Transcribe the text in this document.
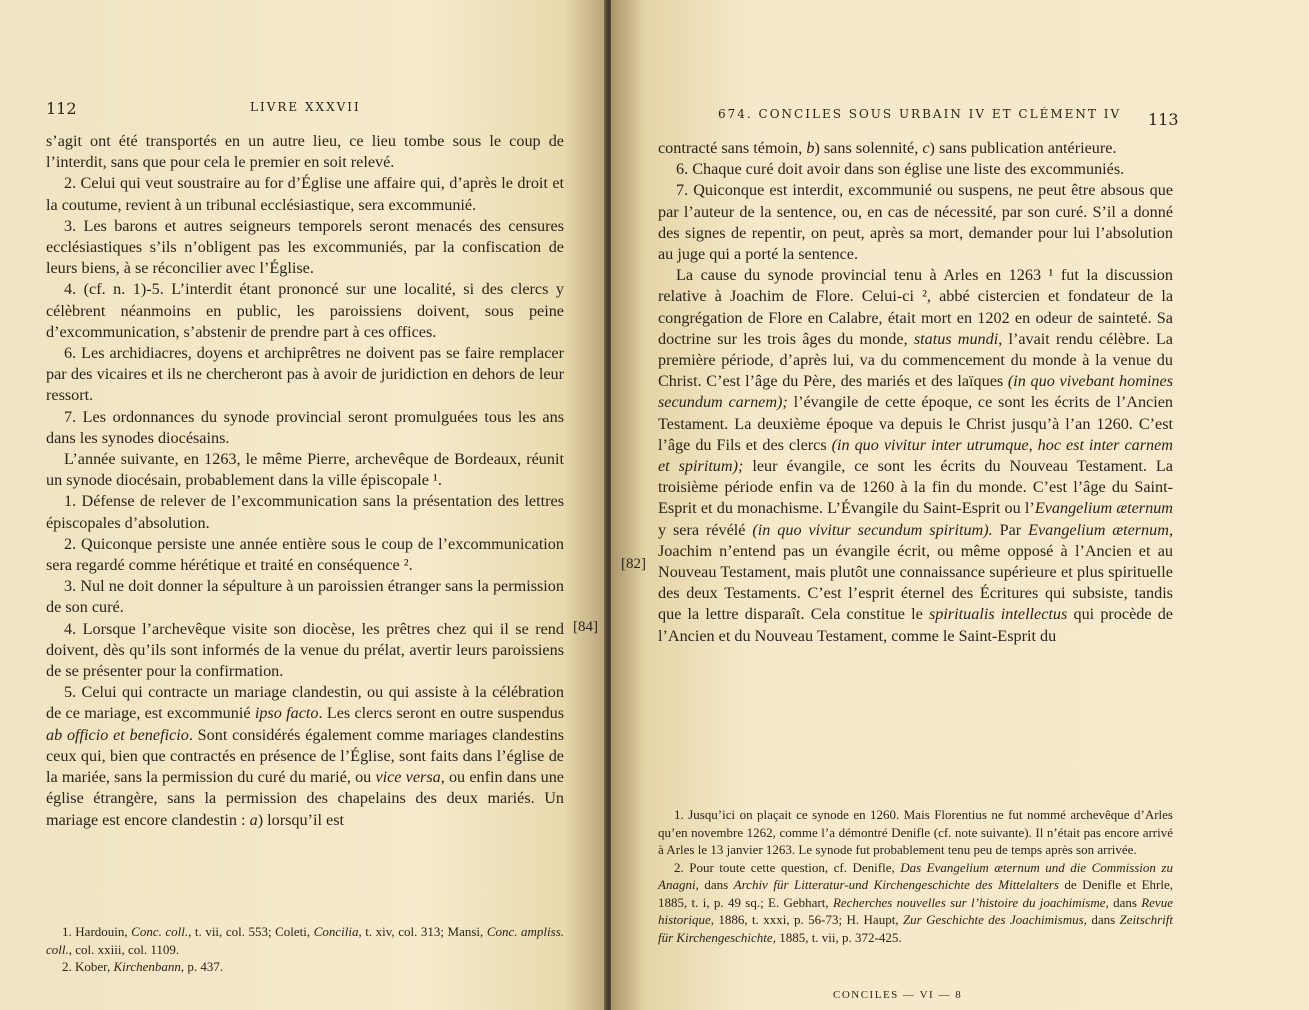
112	LIVRE XXXVII

s’agit ont été transportés en un autre lieu, ce lieu tombe sous le coup de l’interdit, sans que pour cela le premier en soit relevé.

2. Celui qui veut soustraire au for d’Église une affaire qui, d’après le droit et la coutume, revient à un tribunal ecclésiastique, sera excommunié.

3. Les barons et autres seigneurs temporels seront menacés des censures ecclésiastiques s’ils n’obligent pas les excommuniés, par la confiscation de leurs biens, à se réconcilier avec l’Église.

4. (cf. n. 1)-5. L’interdit étant prononcé sur une localité, si des clercs y célèbrent néanmoins en public, les paroissiens doivent, sous peine d’excommunication, s’abstenir de prendre part à ces offices.

6. Les archidiacres, doyens et archiprêtres ne doivent pas se faire remplacer par des vicaires et ils ne chercheront pas à avoir de juridiction en dehors de leur ressort.

7. Les ordonnances du synode provincial seront promulguées tous les ans dans les synodes diocésains.

L’année suivante, en 1263, le même Pierre, archevêque de Bordeaux, réunit un synode diocésain, probablement dans la ville épiscopale ¹.

1. Défense de relever de l’excommunication sans la présentation des lettres épiscopales d’absolution.

2. Quiconque persiste une année entière sous le coup de l’excommunication sera regardé comme hérétique et traité en conséquence ².

3. Nul ne doit donner la sépulture à un paroissien étranger sans la permission de son curé.

4. Lorsque l’archevêque visite son diocèse, les prêtres chez qui il se rend doivent, dès qu’ils sont informés de la venue du prélat, avertir leurs paroissiens de se présenter pour la confirmation.

5. Celui qui contracte un mariage clandestin, ou qui assiste à la célébration de ce mariage, est excommunié ipso facto. Les clercs seront en outre suspendus ab officio et beneficio. Sont considérés également comme mariages clandestins ceux qui, bien que contractés en présence de l’Église, sont faits dans l’église de la mariée, sans la permission du curé du marié, ou vice versa, ou enfin dans une église étrangère, sans la permission des chapelains des deux mariés. Un mariage est encore clandestin : a) lorsqu’il est

1. Hardouin, Conc. coll., t. vii, col. 553; Coleti, Concilia, t. xiv, col. 313; Mansi, Conc. ampliss. coll., col. xxiii, col. 1109.

2. Kober, Kirchenbann, p. 437.

[84]
674. CONCILES SOUS URBAIN IV ET CLÉMENT IV 113

contracté sans témoin, b) sans solennité, c) sans publication antérieure.

6. Chaque curé doit avoir dans son église une liste des excommuniés.

7. Quiconque est interdit, excommunié ou suspens, ne peut être absous que par l’auteur de la sentence, ou, en cas de nécessité, par son curé. S’il a donné des signes de repentir, on peut, après sa mort, demander pour lui l’absolution au juge qui a porté la sentence.

La cause du synode provincial tenu à Arles en 1263 ¹ fut la discussion relative à Joachim de Flore. Celui-ci ², abbé cistercien et fondateur de la congrégation de Flore en Calabre, était mort en 1202 en odeur de sainteté. Sa doctrine sur les trois âges du monde, status mundi, l’avait rendu célèbre. La première période, d’après lui, va du commencement du monde à la venue du Christ. C’est l’âge du Père, des mariés et des laïques (in quo vivebant homines secundum carnem); l’évangile de cette époque, ce sont les écrits de l’Ancien Testament. La deuxième époque va depuis le Christ jusqu’à l’an 1260. C’est l’âge du Fils et des clercs (in quo vivitur inter utrumque, hoc est inter carnem et spiritum); leur évangile, ce sont les écrits du Nouveau Testament. La troisième période enfin va de 1260 à la fin du monde. C’est l’âge du Saint-Esprit et du monachisme. L’Évangile du Saint-Esprit ou l’Evangelium æternum y sera révélé (in quo vivitur secundum spiritum). Par Evangelium æternum, Joachim n’entend pas un évangile écrit, ou même opposé à l’Ancien et au Nouveau Testament, mais plutôt une connaissance supérieure et plus spirituelle des deux Testaments. C’est l’esprit éternel des Écritures qui subsiste, tandis que la lettre disparaît. Cela constitue le spiritualis intellectus qui procède de l’Ancien et du Nouveau Testament, comme le Saint-Esprit du

1. Jusqu’ici on plaçait ce synode en 1260. Mais Florentius ne fut nommé archevêque d’Arles qu’en novembre 1262, comme l’a démontré Denifle (cf. note suivante). Il n’était pas encore arrivé à Arles le 13 janvier 1263. Le synode fut probablement tenu peu de temps après son arrivée.

2. Pour toute cette question, cf. Denifle, Das Evangelium æternum und die Commission zu Anagni, dans Archiv für Litteratur-und Kirchengeschichte des Mittelalters de Denifle et Ehrle, 1885, t. i, p. 49 sq.; E. Gebhart, Recherches nouvelles sur l’histoire du joachimisme, dans Revue historique, 1886, t. xxxi, p. 56-73; H. Haupt, Zur Geschichte des Joachimismus, dans Zeitschrift für Kirchengeschichte, 1885, t. vii, p. 372-425.

[82]
CONCILES — VI — 8
